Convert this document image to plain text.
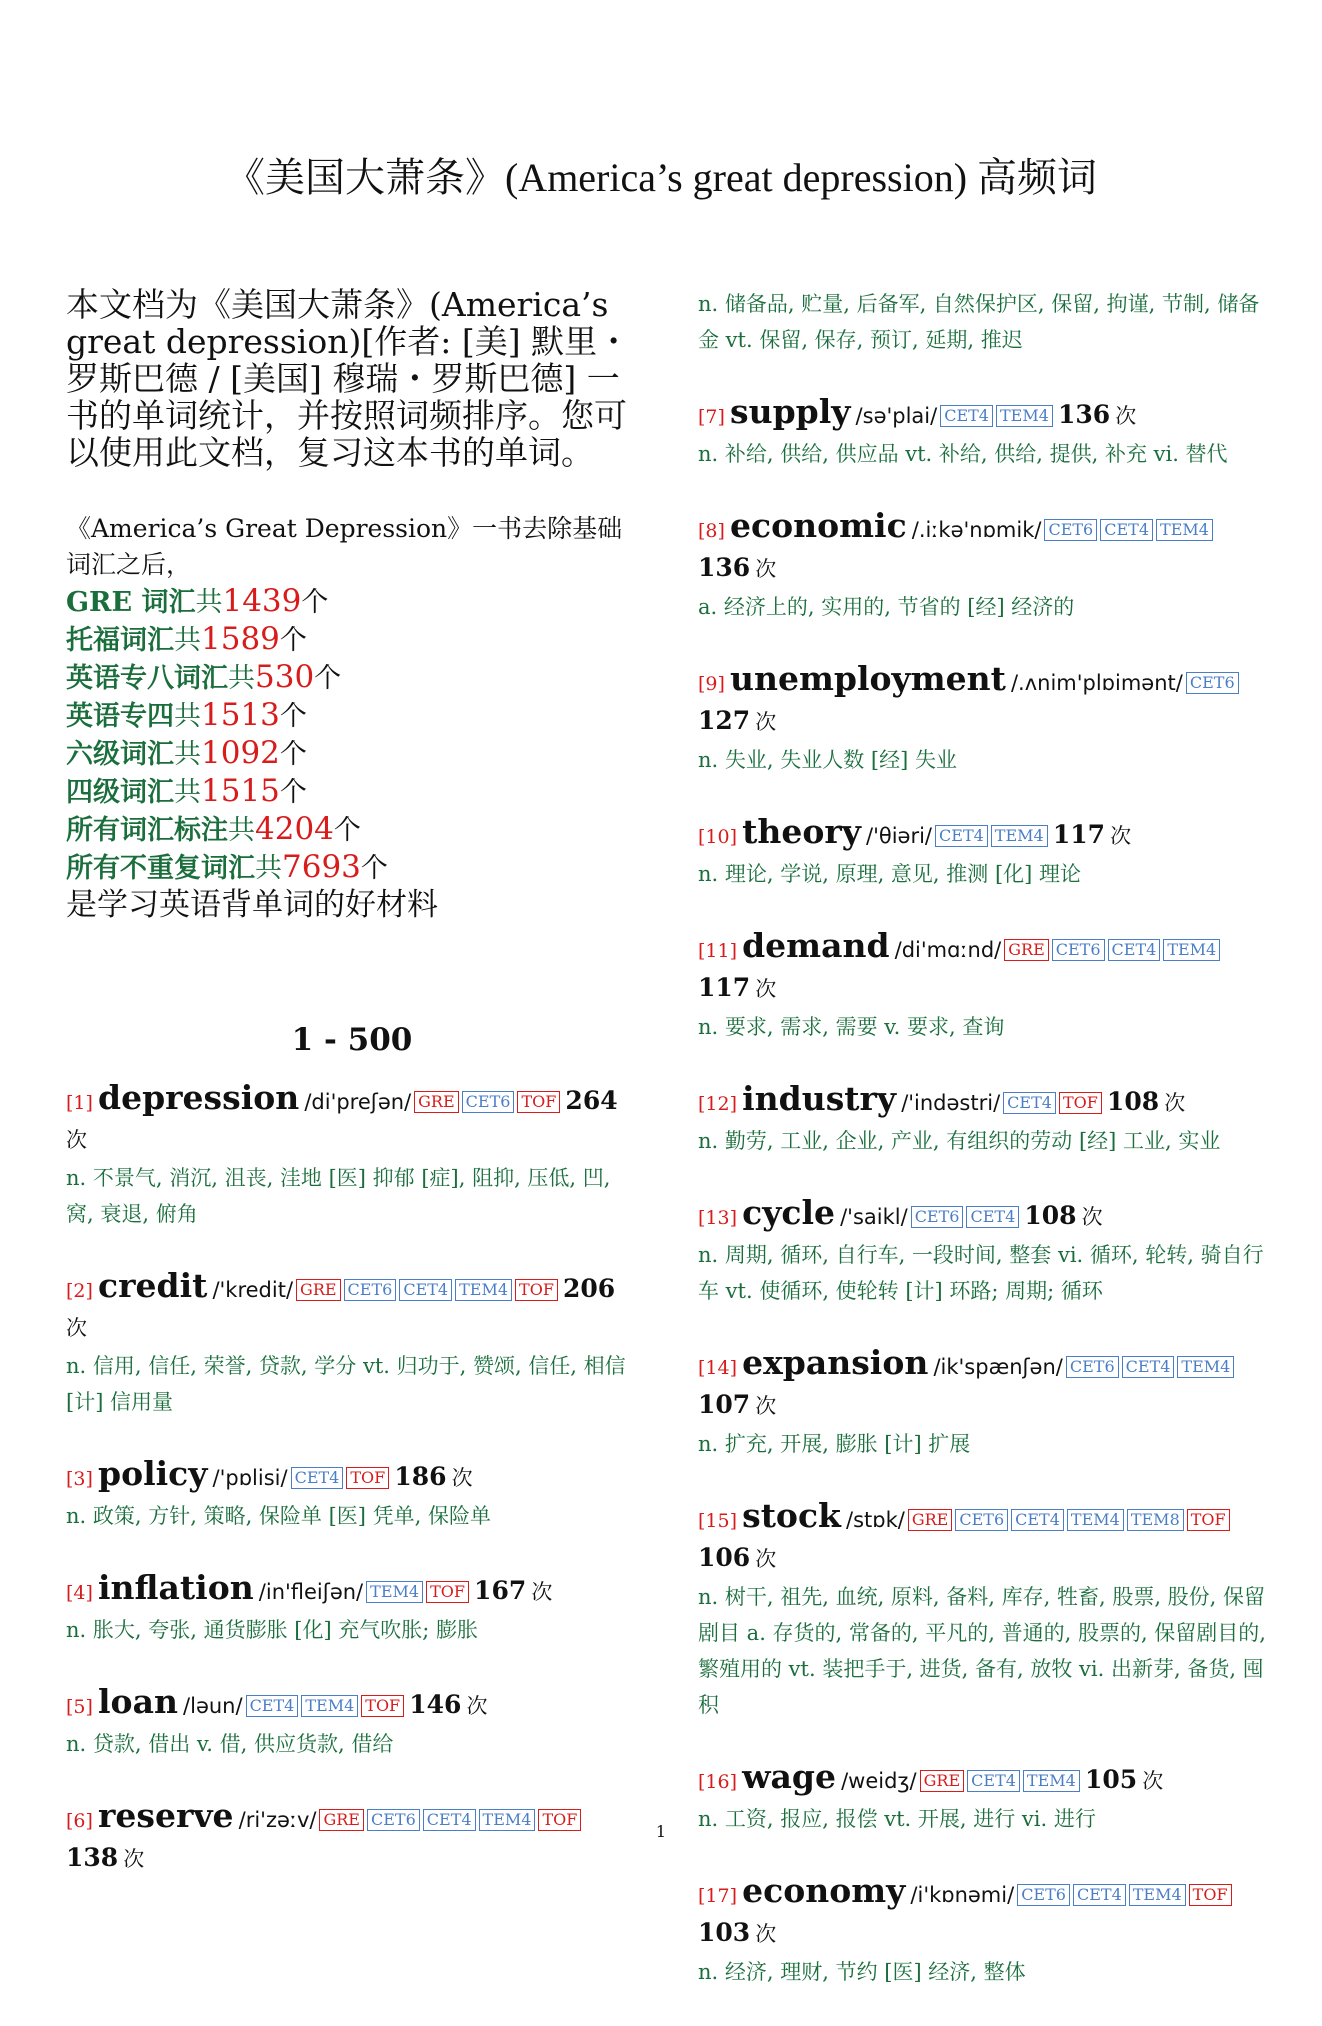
《美国大萧条》(America’s great depression) 高频词

本文档为《美国大萧条》(America’s great depression)[作者: [美] 默里・罗斯巴德 / [美国] 穆瑞・罗斯巴德] 一书的单词统计，并按照词频排序。您可以使用此文档，复习这本书的单词。

《America’s Great Depression》一书去除基础词汇之后，
GRE 词汇共1439个
托福词汇共1589个
英语专八词汇共530个
英语专四共1513个
六级词汇共1092个
四级词汇共1515个
所有词汇标注共4204个
所有不重复词汇共7693个
是学习英语背单词的好材料
1 - 500
[1] depression /di'preʃən/ GRE CET6 TOF 264 次
n. 不景气, 消沉, 沮丧, 洼地 [医] 抑郁 [症], 阻抑, 压低, 凹, 窝, 衰退, 俯角
[2] credit /'kredit/ GRE CET6 CET4 TEM4 TOF 206 次
n. 信用, 信任, 荣誉, 贷款, 学分 vt. 归功于, 赞颂, 信任, 相信 [计] 信用量
[3] policy /'pɒlisi/ CET4 TOF 186 次
n. 政策, 方针, 策略, 保险单 [医] 凭单, 保险单
[4] inflation /in'fleiʃən/ TEM4 TOF 167 次
n. 胀大, 夸张, 通货膨胀 [化] 充气吹胀; 膨胀
[5] loan /ləun/ CET4 TEM4 TOF 146 次
n. 贷款, 借出 v. 借, 供应货款, 借给
[6] reserve /ri'zəːv/ GRE CET6 CET4 TEM4 TOF 138 次
n. 储备品, 贮量, 后备军, 自然保护区, 保留, 拘谨, 节制, 储备金 vt. 保留, 保存, 预订, 延期, 推迟
[7] supply /sə'plai/ CET4 TEM4 136 次
n. 补给, 供给, 供应品 vt. 补给, 供给, 提供, 补充 vi. 替代
[8] economic /.iːkə'nɒmik/ CET6 CET4 TEM4 136 次
a. 经济上的, 实用的, 节省的 [经] 经济的
[9] unemployment /.ʌnim'plɒimənt/ CET6 127 次
n. 失业, 失业人数 [经] 失业
[10] theory /'θiəri/ CET4 TEM4 117 次
n. 理论, 学说, 原理, 意见, 推测 [化] 理论
[11] demand /di'mɑːnd/ GRE CET6 CET4 TEM4 117 次
n. 要求, 需求, 需要 v. 要求, 查询
[12] industry /'indəstri/ CET4 TOF 108 次
n. 勤劳, 工业, 企业, 产业, 有组织的劳动 [经] 工业, 实业
[13] cycle /'saikl/ CET6 CET4 108 次
n. 周期, 循环, 自行车, 一段时间, 整套 vi. 循环, 轮转, 骑自行车 vt. 使循环, 使轮转 [计] 环路; 周期; 循环
[14] expansion /ik'spænʃən/ CET6 CET4 TEM4 107 次
n. 扩充, 开展, 膨胀 [计] 扩展
[15] stock /stɒk/ GRE CET6 CET4 TEM4 TEM8 TOF 106 次
n. 树干, 祖先, 血统, 原料, 备料, 库存, 牲畜, 股票, 股份, 保留剧目 a. 存货的, 常备的, 平凡的, 普通的, 股票的, 保留剧目的, 繁殖用的 vt. 装把手于, 进货, 备有, 放牧 vi. 出新芽, 备货, 囤积
[16] wage /weidʒ/ GRE CET4 TEM4 105 次
n. 工资, 报应, 报偿 vt. 开展, 进行 vi. 进行
[17] economy /i'kɒnəmi/ CET6 CET4 TEM4 TOF 103 次
n. 经济, 理财, 节约 [医] 经济, 整体
1
